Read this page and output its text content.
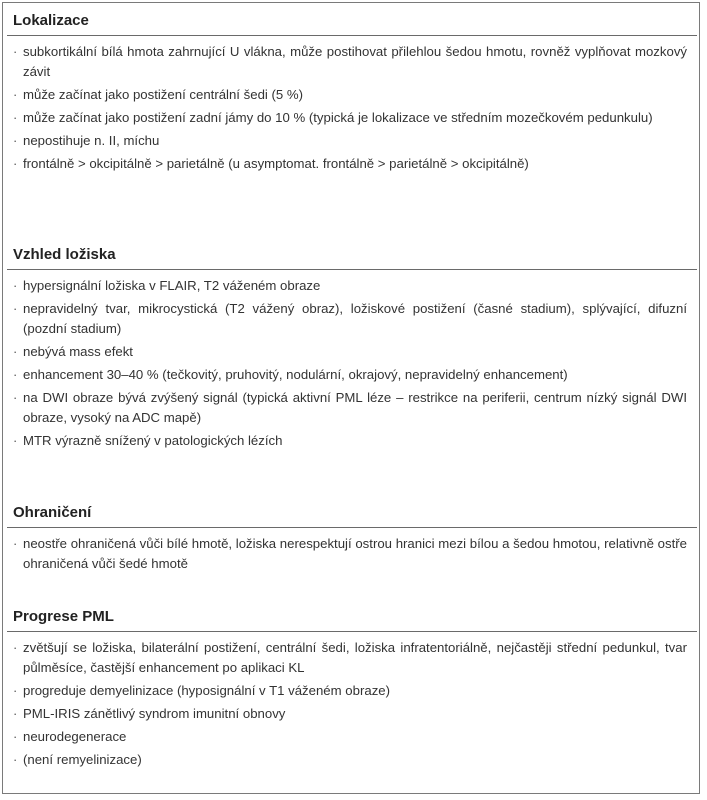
Lokalizace
· subkortikální bílá hmota zahrnující U vlákna, může postihovat přilehlou šedou hmotu, rovněž vyplňovat mozkový závit
· může začínat jako postižení centrální šedi (5 %)
· může začínat jako postižení zadní jámy do 10 % (typická je lokalizace ve středním mozečkovém pedunkulu)
· nepostihuje n. II, míchu
· frontálně > okcipitálně > parietálně (u asymptomat. frontálně > parietálně > okcipitálně)
Vzhled ložiska
· hypersignální ložiska v FLAIR, T2 váženém obraze
· nepravidelný tvar, mikrocystická (T2 vážený obraz), ložiskové postižení (časné stadium), splývající, difuzní (pozdní stadium)
· nebývá mass efekt
· enhancement 30–40 % (tečkovitý, pruhovitý, nodulární, okrajový, nepravidelný enhancement)
· na DWI obraze bývá zvýšený signál (typická aktivní PML léze – restrikce na periferii, centrum nízký signál DWI obraze, vysoký na ADC mapě)
· MTR výrazně snížený v patologických lézích
Ohraničení
· neostře ohraničená vůči bílé hmotě, ložiska nerespektují ostrou hranici mezi bílou a šedou hmotou, relativně ostře ohraničená vůči šedé hmotě
Progrese PML
· zvětšují se ložiska, bilaterální postižení, centrální šedi, ložiska infratentoriálně, nejčastěji střední pedunkul, tvar půlměsíce, častější enhancement po aplikaci KL
· progreduje demyelinizace (hyposignální v T1 váženém obraze)
· PML-IRIS zánětlivý syndrom imunitní obnovy
· neurodegenerace
· (není remyelinizace)
